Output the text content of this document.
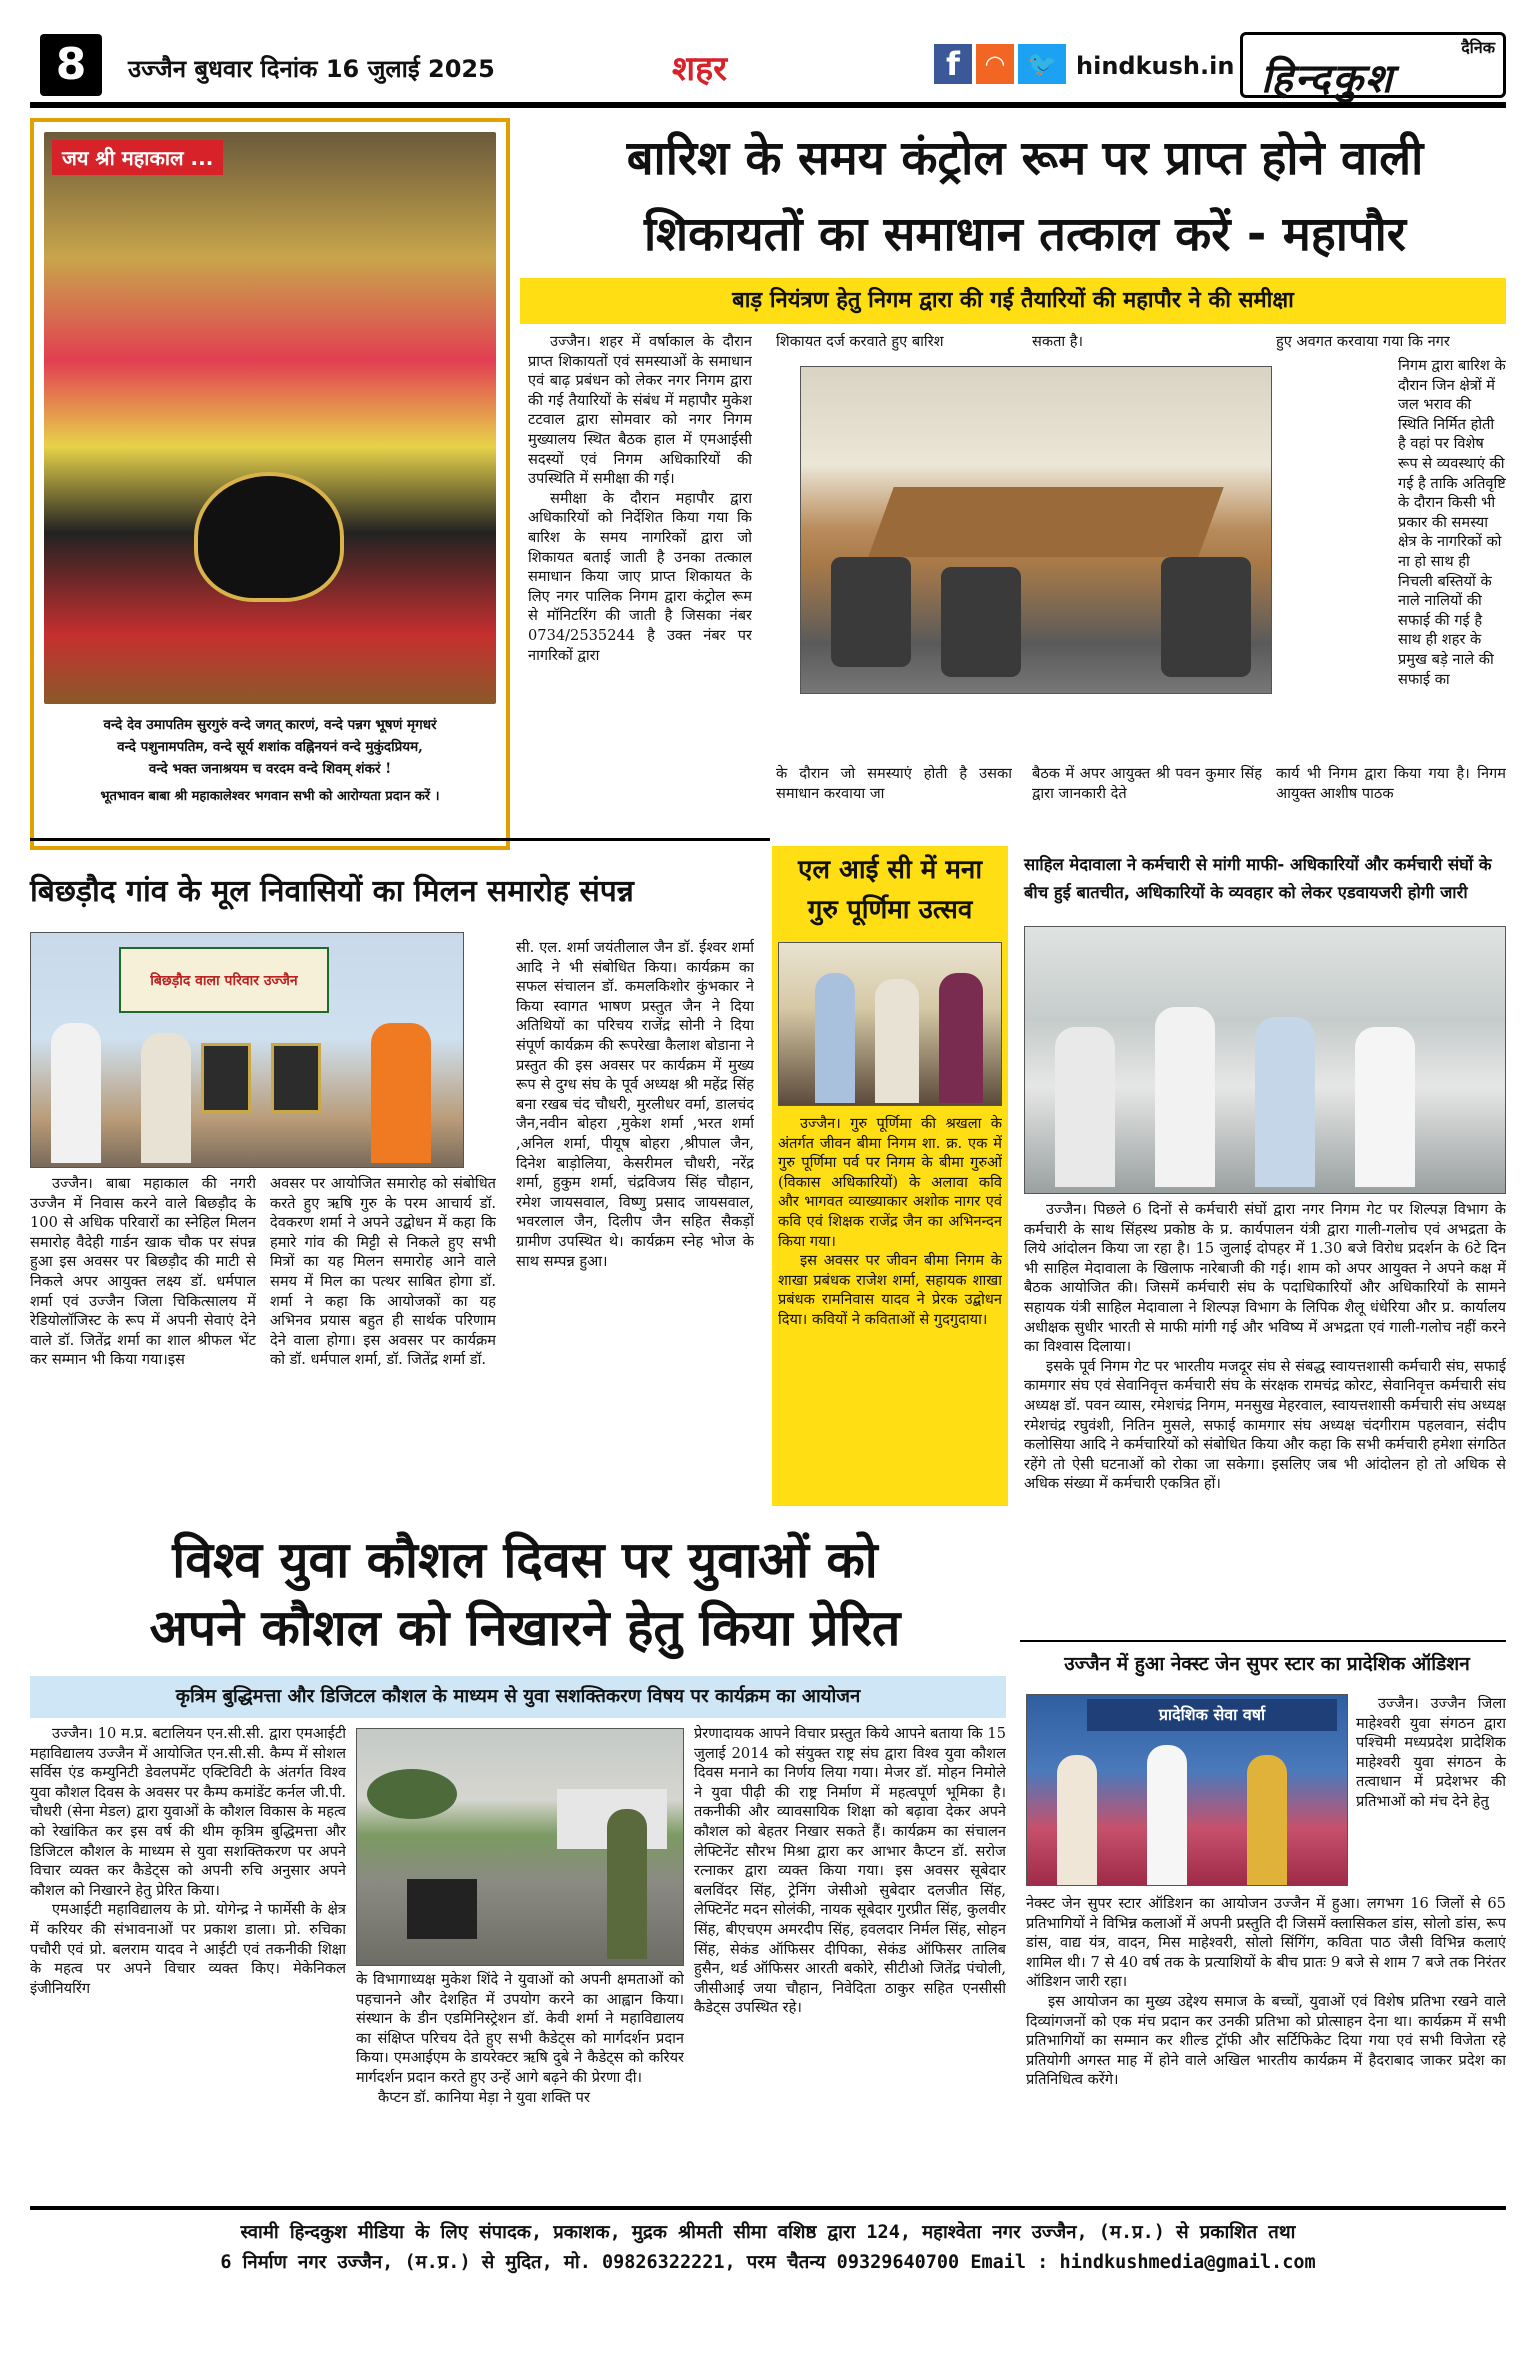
8	उज्जैन बुधवार दिनांक 16 जुलाई 2025	शहर	f	◠ 🐦 hindkush.in
दैनिक
हिन्दकुश
जय श्री महाकाल ...
वन्दे देव उमापतिम सुरगुरुं वन्दे जगत् कारणं, वन्दे पन्नग भूषणं मृगधरं
वन्दे पशुनामपतिम, वन्दे सूर्य शशांक वह्निनयनं वन्दे मुकुंदप्रियम,
वन्दे भक्त जनाश्रयम च वरदम वन्दे शिवम् शंकरं !
भूतभावन बाबा श्री महाकालेश्वर भगवान सभी को आरोग्यता प्रदान करें ।
बारिश के समय कंट्रोल रूम पर प्राप्त होने वाली
शिकायतों का समाधान तत्काल करें - महापौर
बाड़ नियंत्रण हेतु निगम द्वारा की गई तैयारियों की महापौर ने की समीक्षा

उज्जैन। शहर में वर्षाकाल के दौरान प्राप्त शिकायतों एवं समस्याओं के समाधान एवं बाढ़ प्रबंधन को लेकर नगर निगम द्वारा की गई तैयारियों के संबंध में महापौर मुकेश टटवाल द्वारा सोमवार को नगर निगम मुख्यालय स्थित बैठक हाल में एमआईसी सदस्यों एवं निगम अधिकारियों की उपस्थिति में समीक्षा की गई।

समीक्षा के दौरान महापौर द्वारा अधिकारियों को निर्देशित किया गया कि बारिश के समय नागरिकों द्वारा जो शिकायत बताई जाती है उनका तत्काल समाधान किया जाए प्राप्त शिकायत के लिए नगर पालिक निगम द्वारा कंट्रोल रूम से मॉनिटरिंग की जाती है जिसका नंबर 0734/2535244 है उक्त नंबर पर नागरिकों द्वारा

शिकायत दर्ज करवाते हुए बारिश	सकता है।	हुए अवगत करवाया गया कि नगर

निगम द्वारा बारिश के दौरान जिन क्षेत्रों में जल भराव की स्थिति निर्मित होती है वहां पर विशेष रूप से व्यवस्थाएं की गई है ताकि अतिवृष्टि के दौरान किसी भी प्रकार की समस्या क्षेत्र के नागरिकों को ना हो साथ ही निचली बस्तियों के नाले नालियों की सफाई की गई है साथ ही शहर के प्रमुख बड़े नाले की सफाई का

के दौरान जो समस्याएं होती है उसका समाधान करवाया जा

बैठक में अपर आयुक्त श्री पवन कुमार सिंह द्वारा जानकारी देते

कार्य भी निगम द्वारा किया गया है। निगम आयुक्त आशीष पाठक

बिछड़ौद गांव के मूल निवासियों का मिलन समारोह संपन्न
बिछड़ौद वाला परिवार उज्जैन

उज्जैन। बाबा महाकाल की नगरी उज्जैन में निवास करने वाले बिछड़ौद के 100 से अधिक परिवारों का स्नेहिल मिलन समारोह वैदेही गार्डन खाक चौक पर संपन्न हुआ इस अवसर पर बिछड़ौद की माटी से निकले अपर आयुक्त लक्ष्य डॉ. धर्मपाल शर्मा एवं उज्जैन जिला चिकित्सालय में रेडियोलॉजिस्ट के रूप में अपनी सेवाएं देने वाले डॉ. जितेंद्र शर्मा का शाल श्रीफल भेंट कर सम्मान भी किया गया।इस

अवसर पर आयोजित समारोह को संबोधित करते हुए ऋषि गुरु के परम आचार्य डॉ. देवकरण शर्मा ने अपने उद्बोधन में कहा कि हमारे गांव की मिट्टी से निकले हुए सभी मित्रों का यह मिलन समारोह आने वाले समय में मिल का पत्थर साबित होगा डॉ. शर्मा ने कहा कि आयोजकों का यह अभिनव प्रयास बहुत ही सार्थक परिणाम देने वाला होगा। इस अवसर पर कार्यक्रम को डॉ. धर्मपाल शर्मा, डॉ. जितेंद्र शर्मा डॉ.

सी. एल. शर्मा जयंतीलाल जैन डॉ. ईश्वर शर्मा आदि ने भी संबोधित किया। कार्यक्रम का सफल संचालन डॉ. कमलकिशोर कुंभकार ने किया स्वागत भाषण प्रस्तुत जैन ने दिया अतिथियों का परिचय राजेंद्र सोनी ने दिया संपूर्ण कार्यक्रम की रूपरेखा कैलाश बोडाना ने प्रस्तुत की इस अवसर पर कार्यक्रम में मुख्य रूप से दुग्ध संघ के पूर्व अध्यक्ष श्री महेंद्र सिंह बना रखब चंद चौधरी, मुरलीधर वर्मा, डालचंद जैन,नवीन बोहरा ,मुकेश शर्मा ,भरत शर्मा ,अनिल शर्मा, पीयूष बोहरा ,श्रीपाल जैन, दिनेश बाड़ोलिया, केसरीमल चौधरी, नरेंद्र शर्मा, हुकुम शर्मा, चंद्रविजय सिंह चौहान, रमेश जायसवाल, विष्णु प्रसाद जायसवाल, भवरलाल जैन, दिलीप जैन सहित सैकड़ों ग्रामीण उपस्थित थे। कार्यक्रम स्नेह भोज के साथ सम्पन्न हुआ।

एल आई सी में मना
गुरु पूर्णिमा उत्सव

उज्जैन। गुरु पूर्णिमा की श्रखला के अंतर्गत जीवन बीमा निगम शा. क्र. एक में गुरु पूर्णिमा पर्व पर निगम के बीमा गुरुओं (विकास अधिकारियों) के अलावा कवि और भागवत व्याख्याकार अशोक नागर एवं कवि एवं शिक्षक राजेंद्र जैन का अभिनन्दन किया गया।

इस अवसर पर जीवन बीमा निगम के शाखा प्रबंधक राजेश शर्मा, सहायक शाखा प्रबंधक रामनिवास यादव ने प्रेरक उद्बोधन दिया। कवियों ने कविताओं से गुदगुदाया।

साहिल मेदावाला ने कर्मचारी से मांगी माफी- अधिकारियों और कर्मचारी संघों के
बीच हुई बातचीत, अधिकारियों के व्यवहार को लेकर एडवायजरी होगी जारी

उज्जैन। पिछले 6 दिनों से कर्मचारी संघों द्वारा नगर निगम गेट पर शिल्पज्ञ विभाग के कर्मचारी के साथ सिंहस्थ प्रकोष्ठ के प्र. कार्यपालन यंत्री द्वारा गाली-गलोच एवं अभद्रता के लिये आंदोलन किया जा रहा है। 15 जुलाई दोपहर में 1.30 बजे विरोध प्रदर्शन के 6टे दिन भी साहिल मेदावाला के खिलाफ नारेबाजी की गई। शाम को अपर आयुक्त ने अपने कक्ष में बैठक आयोजित की। जिसमें कर्मचारी संघ के पदाधिकारियों और अधिकारियों के सामने सहायक यंत्री साहिल मेदावाला ने शिल्पज्ञ विभाग के लिपिक शैलू धंधेरिया और प्र. कार्यालय अधीक्षक सुधीर भारती से माफी मांगी गई और भविष्य में अभद्रता एवं गाली-गलोच नहीं करने का विश्वास दिलाया।

इसके पूर्व निगम गेट पर भारतीय मजदूर संघ से संबद्ध स्वायत्तशासी कर्मचारी संघ, सफाई कामगार संघ एवं सेवानिवृत्त कर्मचारी संघ के संरक्षक रामचंद्र कोरट, सेवानिवृत्त कर्मचारी संघ अध्यक्ष डॉ. पवन व्यास, रमेशचंद्र निगम, मनसुख मेहरवाल, स्वायत्तशासी कर्मचारी संघ अध्यक्ष रमेशचंद्र रघुवंशी, नितिन मुसले, सफाई कामगार संघ अध्यक्ष चंदगीराम पहलवान, संदीप कलोसिया आदि ने कर्मचारियों को संबोधित किया और कहा कि सभी कर्मचारी हमेशा संगठित रहेंगे तो ऐसी घटनाओं को रोका जा सकेगा। इसलिए जब भी आंदोलन हो तो अधिक से अधिक संख्या में कर्मचारी एकत्रित हों।

विश्व युवा कौशल दिवस पर युवाओं को
अपने कौशल को निखारने हेतु किया प्रेरित
कृत्रिम बुद्धिमत्ता और डिजिटल कौशल के माध्यम से युवा सशक्तिकरण विषय पर कार्यक्रम का आयोजन

उज्जैन। 10 म.प्र. बटालियन एन.सी.सी. द्वारा एमआईटी महाविद्यालय उज्जैन में आयोजित एन.सी.सी. कैम्प में सोशल सर्विस एंड कम्युनिटी डेवलपमेंट एक्टिविटी के अंतर्गत विश्व युवा कौशल दिवस के अवसर पर कैम्प कमांडेंट कर्नल जी.पी. चौधरी (सेना मेडल) द्वारा युवाओं के कौशल विकास के महत्व को रेखांकित कर इस वर्ष की थीम कृत्रिम बुद्धिमत्ता और डिजिटल कौशल के माध्यम से युवा सशक्तिकरण पर अपने विचार व्यक्त कर कैडेट्स को अपनी रुचि अनुसार अपने कौशल को निखारने हेतु प्रेरित किया।

एमआईटी महाविद्यालय के प्रो. योगेन्द्र ने फार्मेसी के क्षेत्र में करियर की संभावनाओं पर प्रकाश डाला। प्रो. रुचिका पचौरी एवं प्रो. बलराम यादव ने आईटी एवं तकनीकी शिक्षा के महत्व पर अपने विचार व्यक्त किए। मेकेनिकल इंजीनियरिंग

के विभागाध्यक्ष मुकेश शिंदे ने युवाओं को अपनी क्षमताओं को पहचानने और देशहित में उपयोग करने का आह्वान किया। संस्थान के डीन एडमिनिस्ट्रेशन डॉ. केवी शर्मा ने महाविद्यालय का संक्षिप्त परिचय देते हुए सभी कैडेट्स को मार्गदर्शन प्रदान किया। एमआईएम के डायरेक्टर ऋषि दुबे ने कैडेट्स को करियर मार्गदर्शन प्रदान करते हुए उन्हें आगे बढ़ने की प्रेरणा दी।

कैप्टन डॉ. कानिया मेड़ा ने युवा शक्ति पर

प्रेरणादायक आपने विचार प्रस्तुत किये आपने बताया कि 15 जुलाई 2014 को संयुक्त राष्ट्र संघ द्वारा विश्व युवा कौशल दिवस मनाने का निर्णय लिया गया। मेजर डॉ. मोहन निमोले ने युवा पीढ़ी की राष्ट्र निर्माण में महत्वपूर्ण भूमिका है। तकनीकी और व्यावसायिक शिक्षा को बढ़ावा देकर अपने कौशल को बेहतर निखार सकते हैं। कार्यक्रम का संचालन लेफ्टिनेंट सौरभ मिश्रा द्वारा कर आभार कैप्टन डॉ. सरोज रत्नाकर द्वारा व्यक्त किया गया। इस अवसर सूबेदार बलविंदर सिंह, ट्रेनिंग जेसीओ सुबेदार दलजीत सिंह, लेफ्टिनेंट मदन सोलंकी, नायक सूबेदार गुरप्रीत सिंह, कुलवीर सिंह, बीएचएम अमरदीप सिंह, हवलदार निर्मल सिंह, सोहन सिंह, सेकंड ऑफिसर दीपिका, सेकंड ऑफिसर तालिब हुसैन, थर्ड ऑफिसर आरती बकोरे, सीटीओ जितेंद्र पंचोली, जीसीआई जया चौहान, निवेदिता ठाकुर सहित एनसीसी कैडेट्स उपस्थित रहे।

उज्जैन में हुआ नेक्स्ट जेन सुपर स्टार का प्रादेशिक ऑडिशन
प्रादेशिक सेवा वर्षा

उज्जैन। उज्जैन जिला माहेश्वरी युवा संगठन द्वारा पश्चिमी मध्यप्रदेश प्रादेशिक माहेश्वरी युवा संगठन के तत्वाधान में प्रदेशभर की प्रतिभाओं को मंच देने हेतु

नेक्स्ट जेन सुपर स्टार ऑडिशन का आयोजन उज्जैन में हुआ। लगभग 16 जिलों से 65 प्रतिभागियों ने विभिन्न कलाओं में अपनी प्रस्तुति दी जिसमें क्लासिकल डांस, सोलो डांस, रूप डांस, वाद्य यंत्र, वादन, मिस माहेश्वरी, सोलो सिंगिंग, कविता पाठ जैसी विभिन्न कलाएं शामिल थी। 7 से 40 वर्ष तक के प्रत्याशियों के बीच प्रातः 9 बजे से शाम 7 बजे तक निरंतर ऑडिशन जारी रहा।

इस आयोजन का मुख्य उद्देश्य समाज के बच्चों, युवाओं एवं विशेष प्रतिभा रखने वाले दिव्यांगजनों को एक मंच प्रदान कर उनकी प्रतिभा को प्रोत्साहन देना था। कार्यक्रम में सभी प्रतिभागियों का सम्मान कर शील्ड ट्रॉफी और सर्टिफिकेट दिया गया एवं सभी विजेता रहे प्रतियोगी अगस्त माह में होने वाले अखिल भारतीय कार्यक्रम में हैदराबाद जाकर प्रदेश का प्रतिनिधित्व करेंगे।

स्वामी हिन्दकुश मीडिया के लिए संपादक, प्रकाशक, मुद्रक श्रीमती सीमा वशिष्ठ द्वारा 124, महाश्वेता नगर उज्जैन, (म.प्र.) से प्रकाशित तथा
6 निर्माण नगर उज्जैन, (म.प्र.) से मुदित, मो. 09826322221, परम चैतन्य 09329640700 Email : hindkushmedia@gmail.com
